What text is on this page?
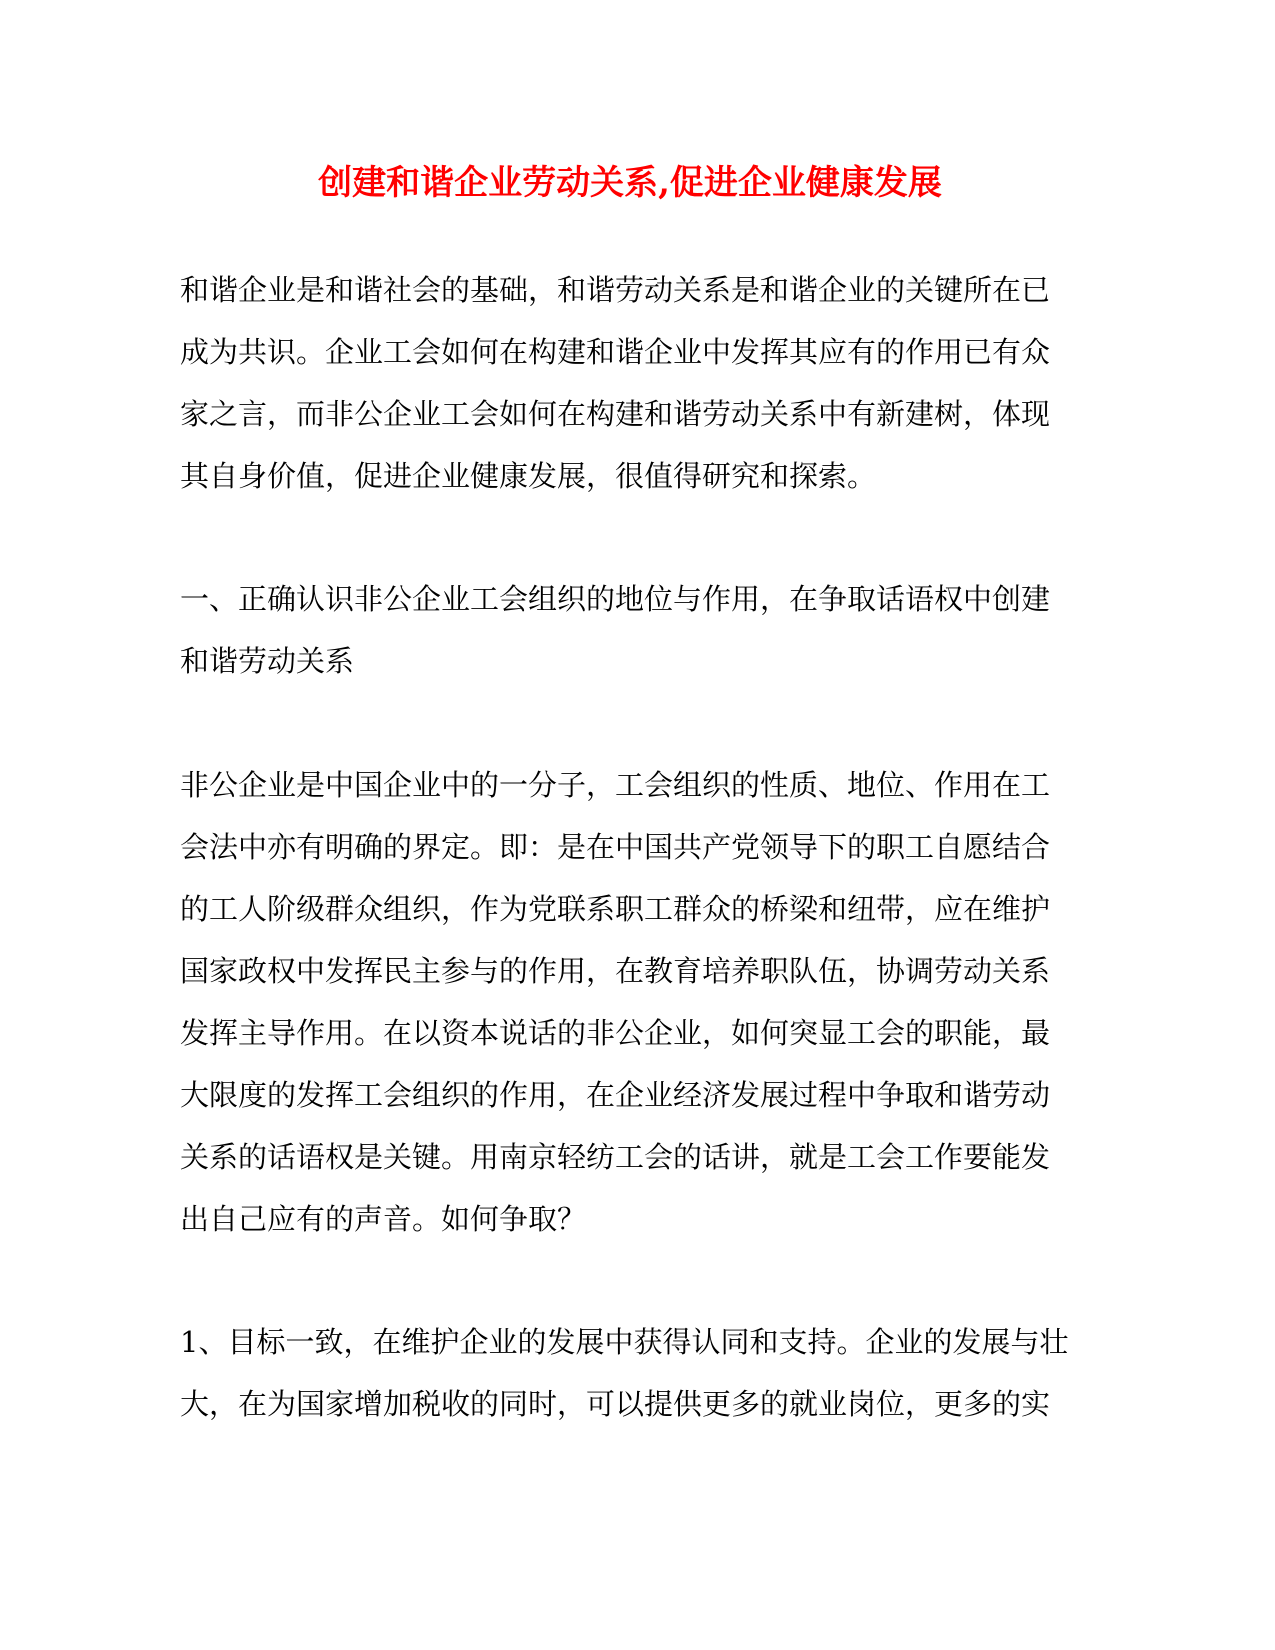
创建和谐企业劳动关系,促进企业健康发展
和谐企业是和谐社会的基础，和谐劳动关系是和谐企业的关键所在已
成为共识。企业工会如何在构建和谐企业中发挥其应有的作用已有众
家之言，而非公企业工会如何在构建和谐劳动关系中有新建树，体现
其自身价值，促进企业健康发展，很值得研究和探索。
一、正确认识非公企业工会组织的地位与作用，在争取话语权中创建
和谐劳动关系
非公企业是中国企业中的一分子，工会组织的性质、地位、作用在工
会法中亦有明确的界定。即：是在中国共产党领导下的职工自愿结合
的工人阶级群众组织，作为党联系职工群众的桥梁和纽带，应在维护
国家政权中发挥民主参与的作用，在教育培养职队伍，协调劳动关系
发挥主导作用。在以资本说话的非公企业，如何突显工会的职能，最
大限度的发挥工会组织的作用，在企业经济发展过程中争取和谐劳动
关系的话语权是关键。用南京轻纺工会的话讲，就是工会工作要能发
出自己应有的声音。如何争取？
1、目标一致，在维护企业的发展中获得认同和支持。企业的发展与壮
大，在为国家增加税收的同时，可以提供更多的就业岗位，更多的实
